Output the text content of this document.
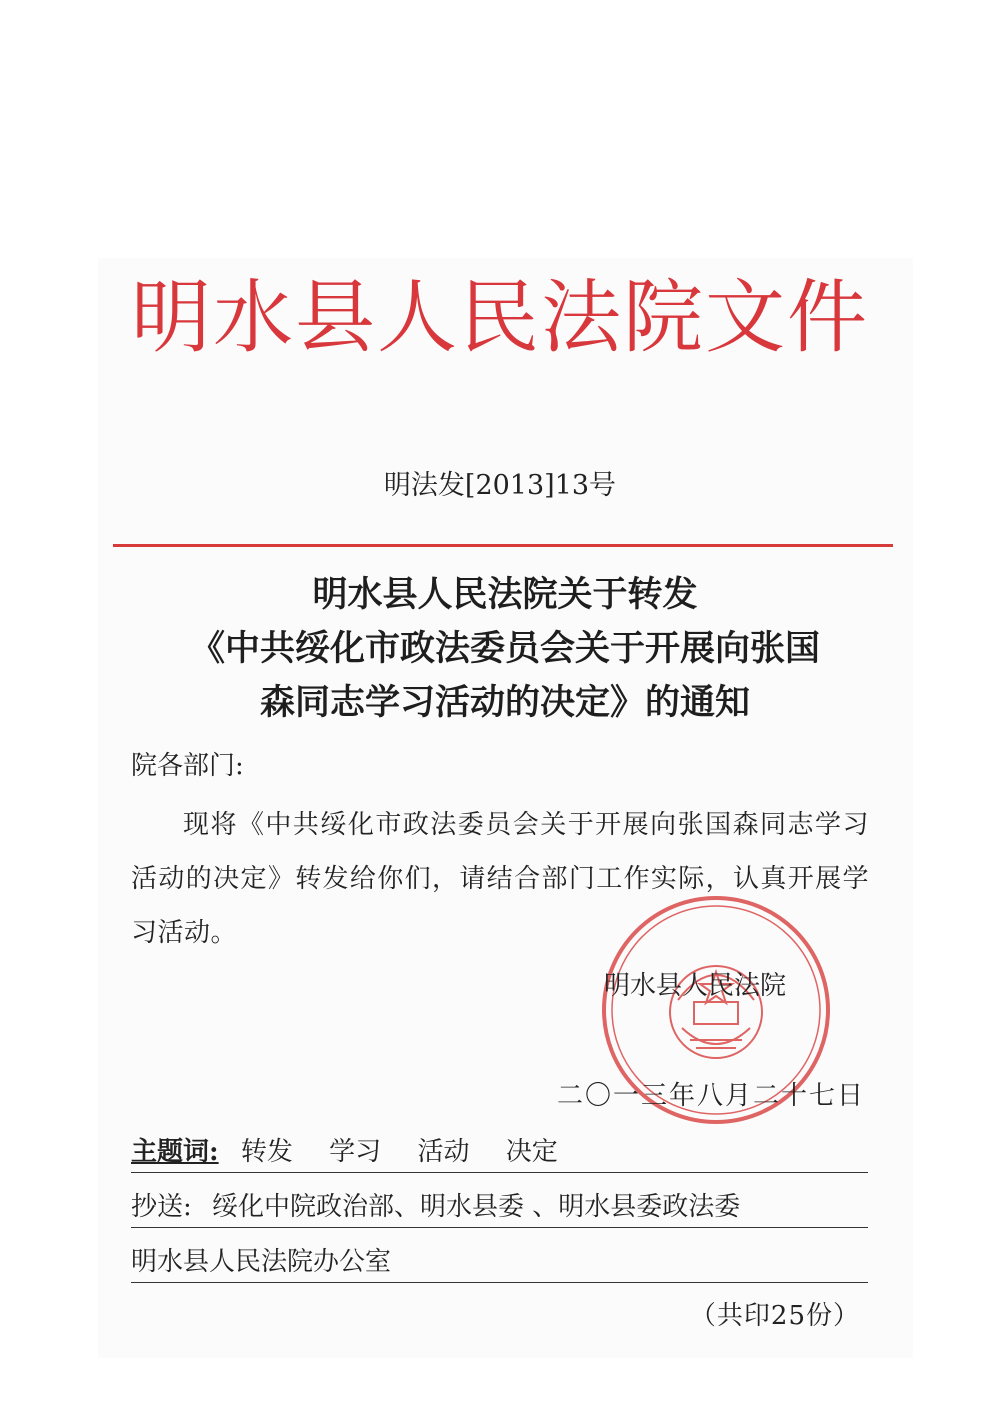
明水县人民法院文件
明法发[2013]13号
明水县人民法院关于转发
《中共绥化市政法委员会关于开展向张国
森同志学习活动的决定》的通知
院各部门:
现将《中共绥化市政法委员会关于开展向张国森同志学习活动的决定》转发给你们，请结合部门工作实际，认真开展学习活动。
明水县人民法院
二〇一三年八月二十七日
主题词: 转发 学习 活动 决定
抄送: 绥化中院政治部、明水县委 、明水县委政法委
明水县人民法院办公室
（共印25份）
